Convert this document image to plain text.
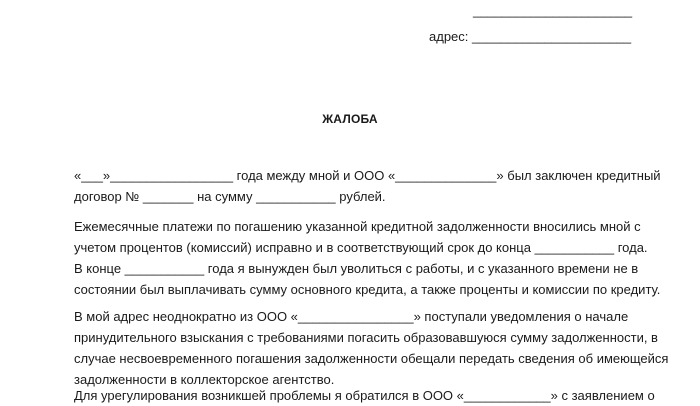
______________________
адрес: ______________________
ЖАЛОБА
«___»_________________ года между мной и ООО «______________» был заключен кредитный
договор № _______ на сумму ___________ рублей.
Ежемесячные платежи по погашению указанной кредитной задолженности вносились мной с
учетом процентов (комиссий) исправно и в соответствующий срок до конца ___________ года.
В конце ___________ года я вынужден был уволиться с работы, и с указанного времени не в
состоянии был выплачивать сумму основного кредита, а также проценты и комиссии по кредиту.
В мой адрес неоднократно из ООО «________________» поступали уведомления о начале
принудительного взыскания с требованиями погасить образовавшуюся сумму задолженности, в
случае несвоевременного погашения задолженности обещали передать сведения об имеющейся
задолженности в коллекторское агентство.
Для урегулирования возникшей проблемы я обратился в ООО «____________» с заявлением о
